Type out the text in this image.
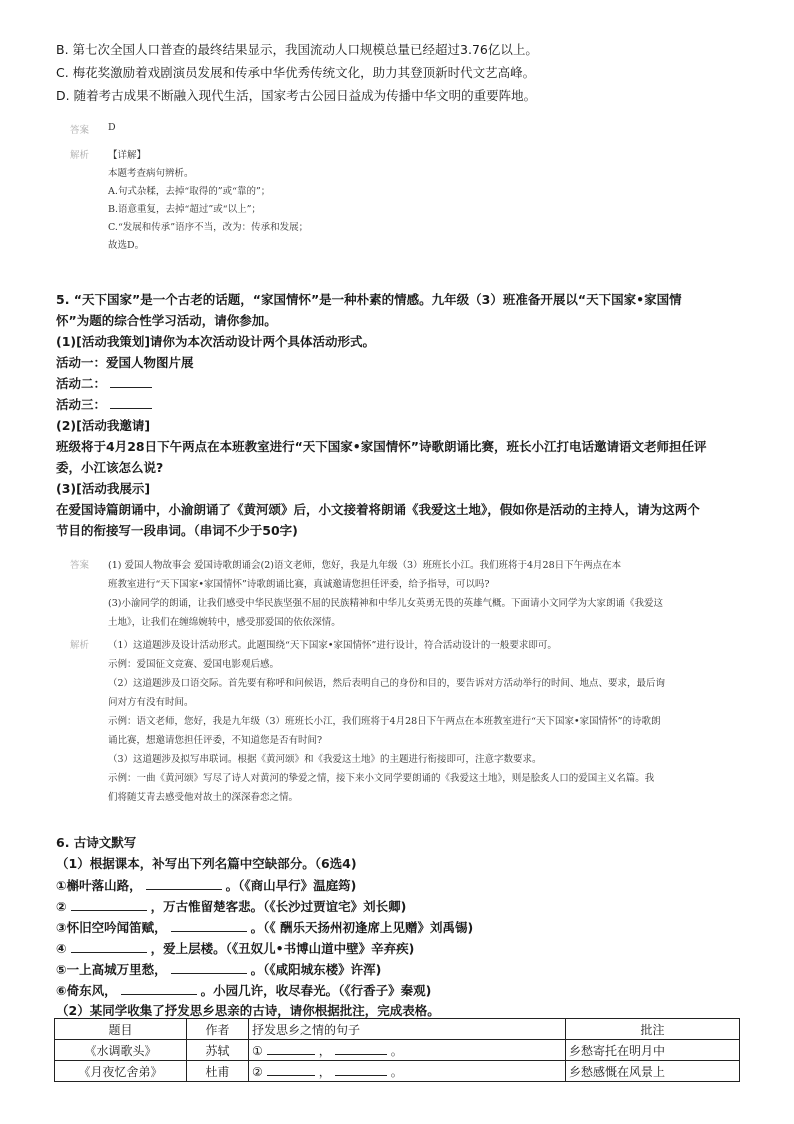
B. 第七次全国人口普查的最终结果显示，我国流动人口规模总量已经超过3.76亿以上。
C. 梅花奖激励着戏剧演员发展和传承中华优秀传统文化，助力其登顶新时代文艺高峰。
D. 随着考古成果不断融入现代生活，国家考古公园日益成为传播中华文明的重要阵地。
答案 D
解析 【详解】
本题考查病句辨析。
A.句式杂糅，去掉“取得的”或“靠的”；
B.语意重复，去掉“超过”或“以上”；
C.“发展和传承”语序不当，改为：传承和发展；
故选D。
5. “天下国家”是一个古老的话题，“家国情怀”是一种朴素的情感。九年级（3）班准备开展以“天下国家•家国情
怀”为题的综合性学习活动，请你参加。
(1)[活动我策划]请你为本次活动设计两个具体活动形式。
活动一：爱国人物图片展
活动二：
活动三：
(2)[活动我邀请]
班级将于4月28日下午两点在本班教室进行“天下国家•家国情怀”诗歌朗诵比赛，班长小江打电话邀请语文老师担任评
委，小江该怎么说?
(3)[活动我展示]
在爱国诗篇朗诵中，小渝朗诵了《黄河颂》后，小文接着将朗诵《我爱这土地》，假如你是活动的主持人，请为这两个
节目的衔接写一段串词。（串词不少于50字)
答案 (1) 爱国人物故事会 爱国诗歌朗诵会(2)语文老师，您好，我是九年级（3）班班长小江。我们班将于4月28日下午两点在本
班教室进行“天下国家•家国情怀”诗歌朗诵比赛，真诚邀请您担任评委，给予指导，可以吗?
(3)小渝同学的朗诵，让我们感受中华民族坚强不屈的民族精神和中华儿女英勇无畏的英雄气概。下面请小文同学为大家朗诵《我爱这
土地》，让我们在缠绵婉转中，感受那爱国的依依深情。
解析 （1）这道题涉及设计活动形式。此题围绕“天下国家•家国情怀”进行设计，符合活动设计的一般要求即可。
示例：爱国征文竞赛、爱国电影观后感。
（2）这道题涉及口语交际。首先要有称呼和问候语，然后表明自己的身份和目的，要告诉对方活动举行的时间、地点、要求，最后询
问对方有没有时间。
示例：语文老师，您好，我是九年级（3）班班长小江，我们班将于4月28日下午两点在本班教室进行“天下国家•家国情怀”的诗歌朗
诵比赛，想邀请您担任评委，不知道您是否有时间?
（3）这道题涉及拟写串联词。根据《黄河颂》和《我爱这土地》的主题进行衔接即可，注意字数要求。
示例：一曲《黄河颂》写尽了诗人对黄河的挚爱之情，接下来小文同学要朗诵的《我爱这土地》，则是脍炙人口的爱国主义名篇。我
们将随艾青去感受他对故土的深深眷恋之情。
6. 古诗文默写
（1）根据课本，补写出下列名篇中空缺部分。（6选4)
①槲叶落山路，	。（《商山早行》温庭筠)
②	，万古惟留楚客悲。（《长沙过贾谊宅》刘长卿)
③怀旧空吟闻笛赋，	。（《 酬乐天扬州初逢席上见赠》刘禹锡)
④	，爱上层楼。（《丑奴儿•书博山道中壁》辛弃疾)
⑤一上高城万里愁，	。（《咸阳城东楼》许浑)
⑥倚东风，	。小园几许，收尽春光。（《行香子》秦观)
（2）某同学收集了抒发思乡思亲的古诗，请你根据批注，完成表格。
题目	作者	抒发思乡之情的句子	批注
《水调歌头》	苏轼	① ， 。	乡愁寄托在明月中
《月夜忆舍弟》	杜甫	② ， 。	乡愁感慨在风景上
